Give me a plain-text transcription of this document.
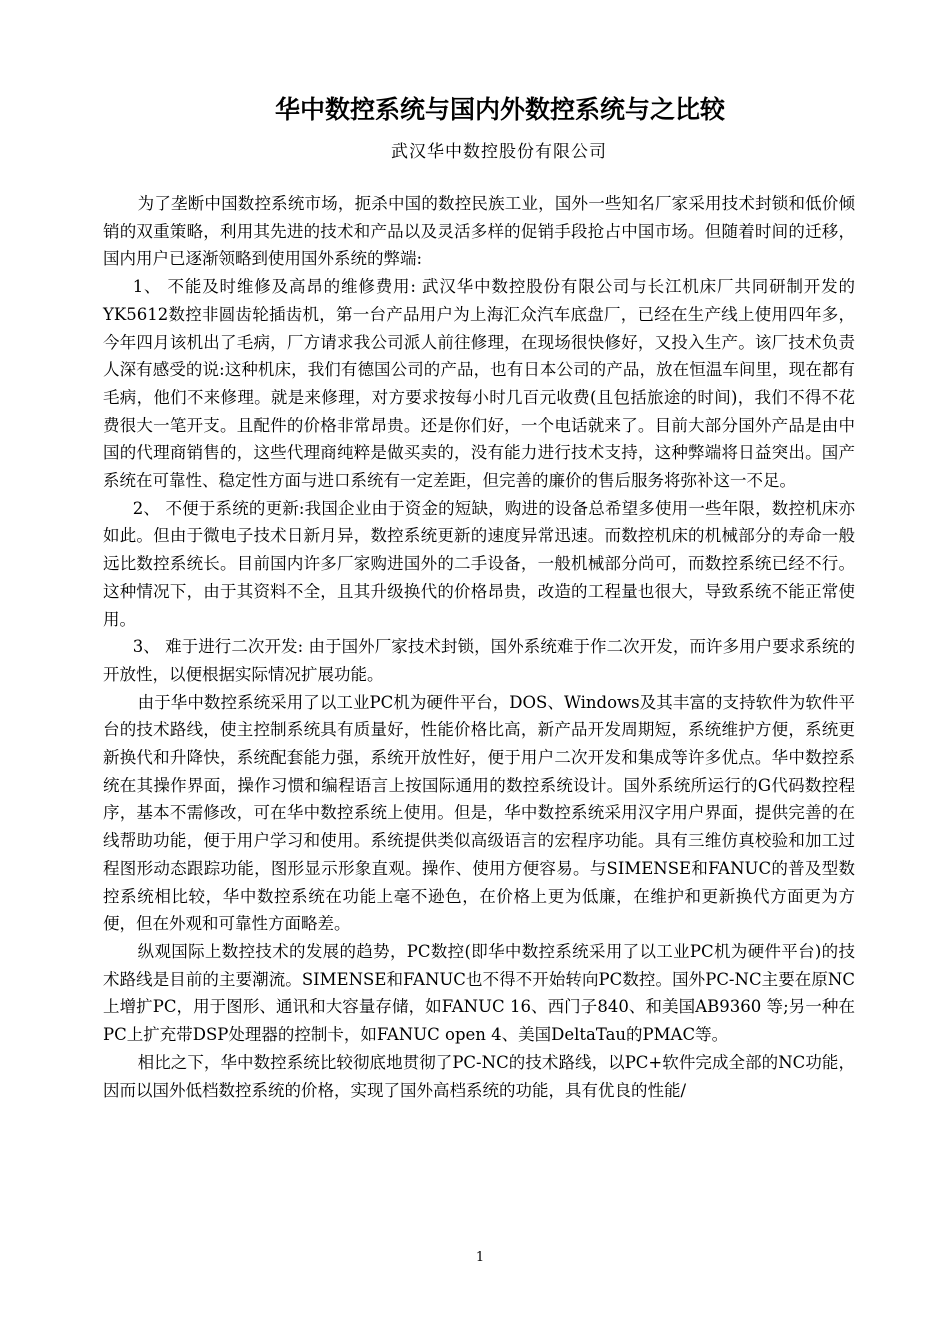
华中数控系统与国内外数控系统与之比较
武汉华中数控股份有限公司

为了垄断中国数控系统市场，扼杀中国的数控民族工业，国外一些知名厂家采用技术封锁和低价倾销的双重策略，利用其先进的技术和产品以及灵活多样的促销手段抢占中国市场。但随着时间的迁移，国内用户已逐渐领略到使用国外系统的弊端:

1、 不能及时维修及高昂的维修费用: 武汉华中数控股份有限公司与长江机床厂共同研制开发的YK5612数控非圆齿轮插齿机，第一台产品用户为上海汇众汽车底盘厂，已经在生产线上使用四年多，今年四月该机出了毛病，厂方请求我公司派人前往修理，在现场很快修好，又投入生产。该厂技术负责人深有感受的说:这种机床，我们有德国公司的产品，也有日本公司的产品，放在恒温车间里，现在都有毛病，他们不来修理。就是来修理，对方要求按每小时几百元收费(且包括旅途的时间)，我们不得不花费很大一笔开支。且配件的价格非常昂贵。还是你们好，一个电话就来了。目前大部分国外产品是由中国的代理商销售的，这些代理商纯粹是做买卖的，没有能力进行技术支持，这种弊端将日益突出。国产系统在可靠性、稳定性方面与进口系统有一定差距，但完善的廉价的售后服务将弥补这一不足。

2、 不便于系统的更新:我国企业由于资金的短缺，购进的设备总希望多使用一些年限，数控机床亦如此。但由于微电子技术日新月异，数控系统更新的速度异常迅速。而数控机床的机械部分的寿命一般远比数控系统长。目前国内许多厂家购进国外的二手设备，一般机械部分尚可，而数控系统已经不行。这种情况下，由于其资料不全，且其升级换代的价格昂贵，改造的工程量也很大，导致系统不能正常使用。

3、 难于进行二次开发: 由于国外厂家技术封锁，国外系统难于作二次开发，而许多用户要求系统的开放性，以便根据实际情况扩展功能。

由于华中数控系统采用了以工业PC机为硬件平台，DOS、Windows及其丰富的支持软件为软件平台的技术路线，使主控制系统具有质量好，性能价格比高，新产品开发周期短，系统维护方便，系统更新换代和升降快，系统配套能力强，系统开放性好，便于用户二次开发和集成等许多优点。华中数控系统在其操作界面，操作习惯和编程语言上按国际通用的数控系统设计。国外系统所运行的G代码数控程序，基本不需修改，可在华中数控系统上使用。但是，华中数控系统采用汉字用户界面，提供完善的在线帮助功能，便于用户学习和使用。系统提供类似高级语言的宏程序功能。具有三维仿真校验和加工过程图形动态跟踪功能，图形显示形象直观。操作、使用方便容易。与SIMENSE和FANUC的普及型数控系统相比较，华中数控系统在功能上毫不逊色，在价格上更为低廉，在维护和更新换代方面更为方便，但在外观和可靠性方面略差。

纵观国际上数控技术的发展的趋势，PC数控(即华中数控系统采用了以工业PC机为硬件平台)的技术路线是目前的主要潮流。SIMENSE和FANUC也不得不开始转向PC数控。国外PC-NC主要在原NC上增扩PC，用于图形、通讯和大容量存储，如FANUC 16、西门子840、和美国AB9360 等;另一种在PC上扩充带DSP处理器的控制卡，如FANUC open 4、美国DeltaTau的PMAC等。

相比之下，华中数控系统比较彻底地贯彻了PC-NC的技术路线，以PC+软件完成全部的NC功能，因而以国外低档数控系统的价格，实现了国外高档系统的功能，具有优良的性能/

1
